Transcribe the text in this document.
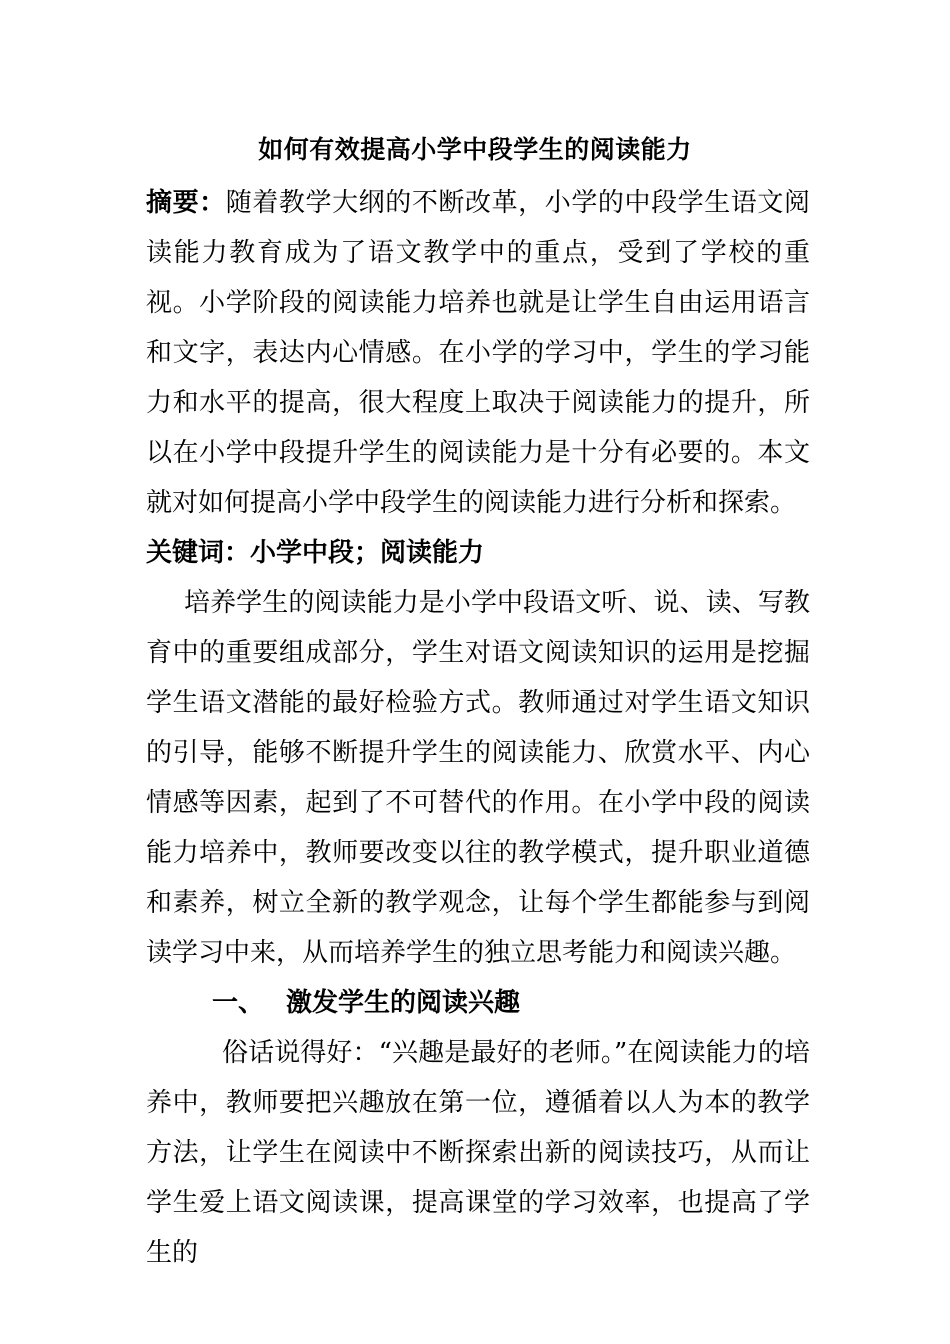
如何有效提高小学中段学生的阅读能力

摘要：随着教学大纲的不断改革，小学的中段学生语文阅读能力教育成为了语文教学中的重点，受到了学校的重视。小学阶段的阅读能力培养也就是让学生自由运用语言和文字，表达内心情感。在小学的学习中，学生的学习能力和水平的提高，很大程度上取决于阅读能力的提升，所以在小学中段提升学生的阅读能力是十分有必要的。本文就对如何提高小学中段学生的阅读能力进行分析和探索。

关键词：小学中段；阅读能力

培养学生的阅读能力是小学中段语文听、说、读、写教育中的重要组成部分，学生对语文阅读知识的运用是挖掘学生语文潜能的最好检验方式。教师通过对学生语文知识的引导，能够不断提升学生的阅读能力、欣赏水平、内心情感等因素，起到了不可替代的作用。在小学中段的阅读能力培养中，教师要改变以往的教学模式，提升职业道德和素养，树立全新的教学观念，让每个学生都能参与到阅读学习中来，从而培养学生的独立思考能力和阅读兴趣。

一、 激发学生的阅读兴趣

俗话说得好：“兴趣是最好的老师。”在阅读能力的培养中，教师要把兴趣放在第一位，遵循着以人为本的教学方法，让学生在阅读中不断探索出新的阅读技巧，从而让学生爱上语文阅读课，提高课堂的学习效率，也提高了学生的
